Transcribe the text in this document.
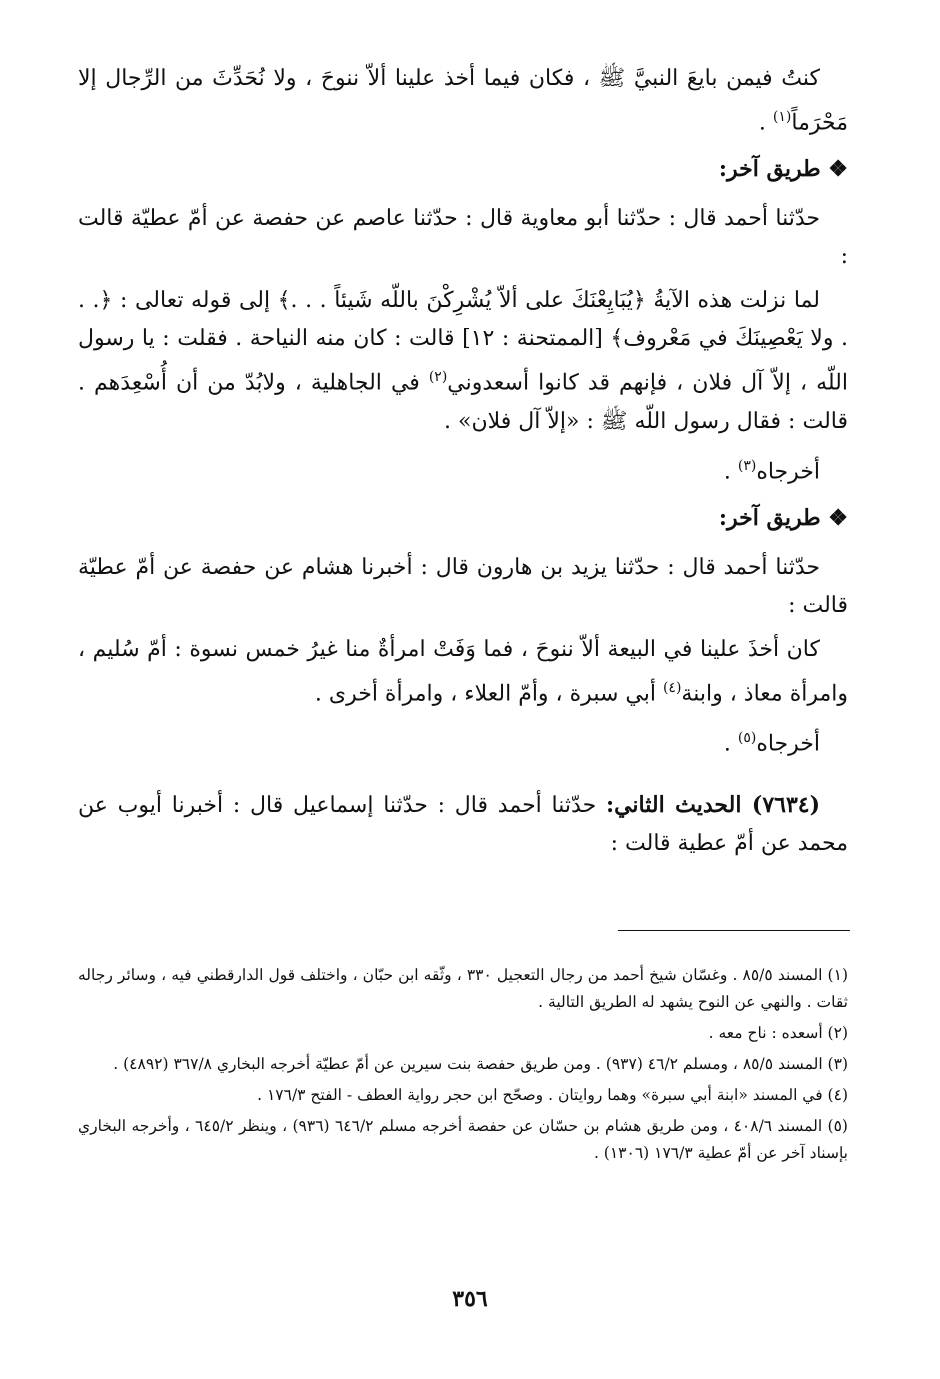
كنتُ فيمن بايعَ النبيَّ ﷺ ، فكان فيما أخذ علينا ألاّ ننوحَ ، ولا نُحَدِّثَ من الرِّجال إلا مَحْرَماً$^{(١)}$ .

❖ طريق آخر:

حدّثنا أحمد قال : حدّثنا أبو معاوية قال : حدّثنا عاصم عن حفصة عن أمّ عطيّة قالت :

لما نزلت هذه الآيةُ ﴿يُبَايِعْنَكَ على ألاّ يُشْرِكْنَ باللّه شَيئاً . . .﴾ إلى قوله تعالى : ﴿. . . ولا يَعْصِينَكَ في مَعْروف﴾ [الممتحنة : ١٢] قالت : كان منه النياحة . فقلت : يا رسول اللّه ، إلاّ آل فلان ، فإنهم قد كانوا أسعدوني$^{(٢)}$ في الجاهلية ، ولابُدّ من أن أُسْعِدَهم . قالت : فقال رسول اللّه ﷺ : «إلاّ آل فلان» .

أخرجاه$^{(٣)}$ .

❖ طريق آخر:

حدّثنا أحمد قال : حدّثنا يزيد بن هارون قال : أخبرنا هشام عن حفصة عن أمّ عطيّة قالت :

كان أخذَ علينا في البيعة ألاّ ننوحَ ، فما وَفَتْ امرأةٌ منا غيرُ خمس نسوة : أمّ سُليم ، وامرأة معاذ ، وابنة$^{(٤)}$ أبي سبرة ، وأمّ العلاء ، وامرأة أخرى .

أخرجاه$^{(٥)}$ .

(٧٦٣٤) الحديث الثاني: حدّثنا أحمد قال : حدّثنا إسماعيل قال : أخبرنا أيوب عن محمد عن أمّ عطية قالت :

(١) المسند ٨٥/٥ . وغسّان شيخ أحمد من رجال التعجيل ٣٣٠ ، وثّقه ابن حبّان ، واختلف قول الدارقطني فيه ، وسائر رجاله ثقات . والنهي عن النوح يشهد له الطريق التالية .

(٢) أسعده : ناح معه .

(٣) المسند ٨٥/٥ ، ومسلم ٤٦/٢ (٩٣٧) . ومن طريق حفصة بنت سيرين عن أمّ عطيّة أخرجه البخاري ٣٦٧/٨ (٤٨٩٢) .

(٤) في المسند «ابنة أبي سبرة» وهما روايتان . وصحّح ابن حجر رواية العطف - الفتح ١٧٦/٣ .

(٥) المسند ٤٠٨/٦ ، ومن طريق هشام بن حسّان عن حفصة أخرجه مسلم ٦٤٦/٢ (٩٣٦) ، وينظر ٦٤٥/٢ ، وأخرجه البخاري بإسناد آخر عن أمّ عطية ١٧٦/٣ (١٣٠٦) .

٣٥٦
